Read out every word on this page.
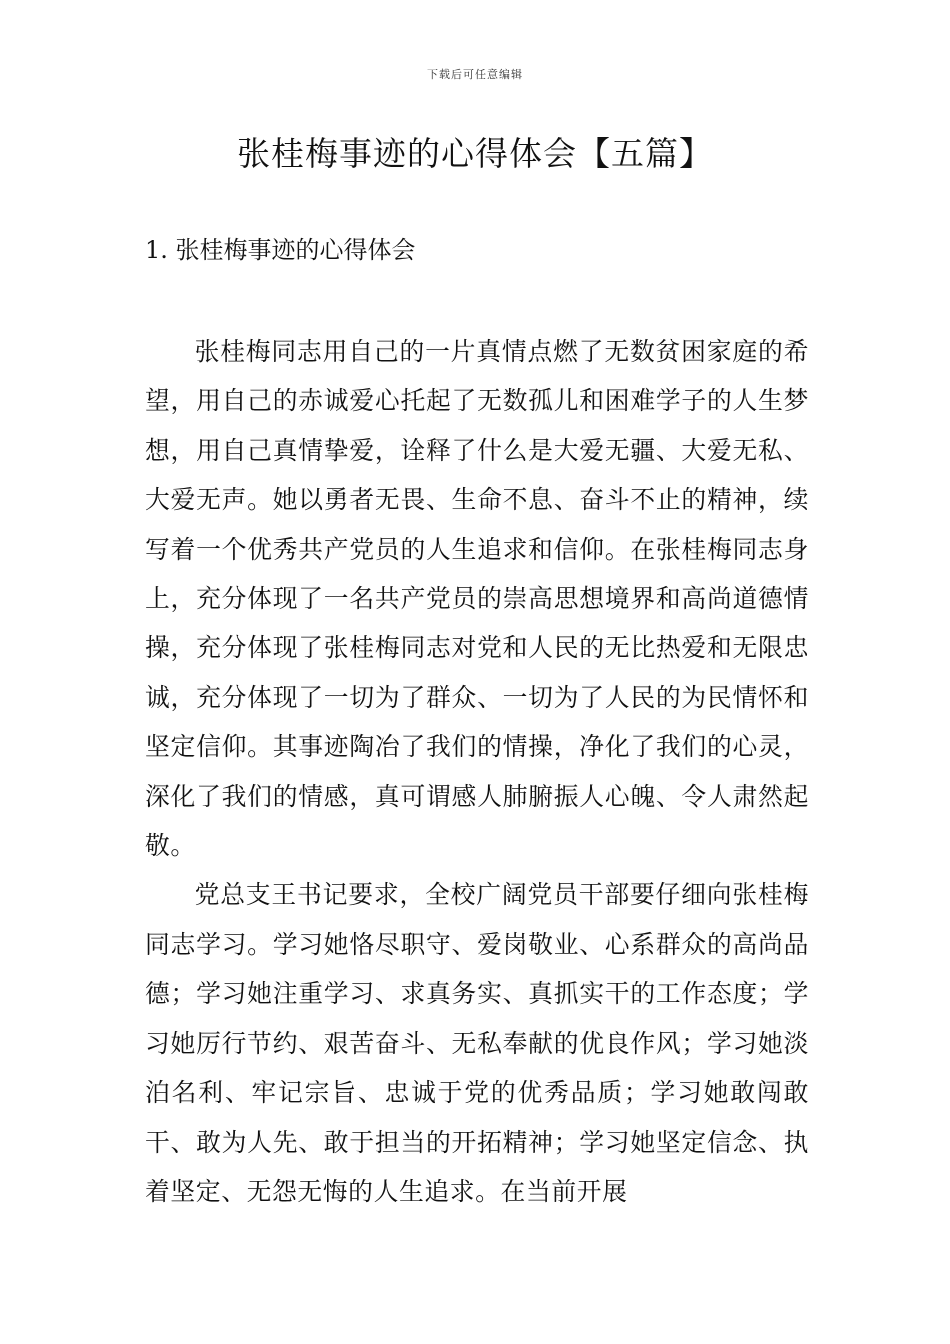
下载后可任意编辑
张桂梅事迹的心得体会【五篇】
1. 张桂梅事迹的心得体会

张桂梅同志用自己的一片真情点燃了无数贫困家庭的希望，用自己的赤诚爱心托起了无数孤儿和困难学子的人生梦想，用自己真情挚爱，诠释了什么是大爱无疆、大爱无私、大爱无声。她以勇者无畏、生命不息、奋斗不止的精神，续写着一个优秀共产党员的人生追求和信仰。在张桂梅同志身上，充分体现了一名共产党员的崇高思想境界和高尚道德情操，充分体现了张桂梅同志对党和人民的无比热爱和无限忠诚，充分体现了一切为了群众、一切为了人民的为民情怀和坚定信仰。其事迹陶冶了我们的情操，净化了我们的心灵，深化了我们的情感，真可谓感人肺腑振人心魄、令人肃然起敬。

党总支王书记要求，全校广阔党员干部要仔细向张桂梅同志学习。学习她恪尽职守、爱岗敬业、心系群众的高尚品德；学习她注重学习、求真务实、真抓实干的工作态度；学习她厉行节约、艰苦奋斗、无私奉献的优良作风；学习她淡泊名利、牢记宗旨、忠诚于党的优秀品质；学习她敢闯敢干、敢为人先、敢于担当的开拓精神；学习她坚定信念、执着坚定、无怨无悔的人生追求。在当前开展
